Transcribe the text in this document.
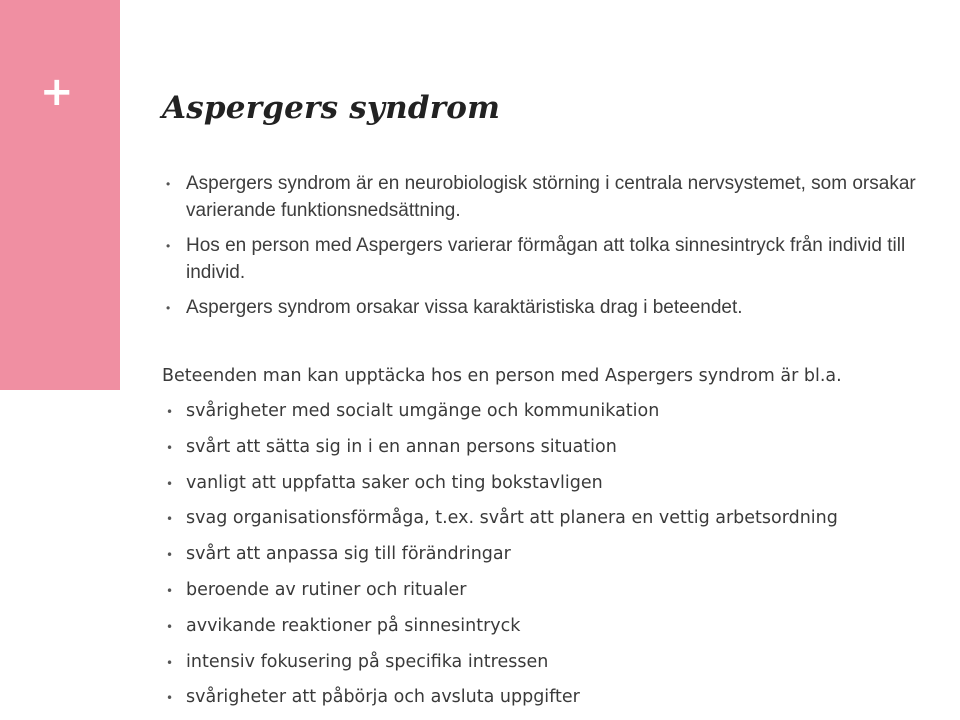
+	Aspergers syndrom
• Aspergers syndrom är en neurobiologisk störning i centrala nervsystemet, som orsakar varierande funktionsnedsättning.
• Hos en person med Aspergers varierar förmågan att tolka sinnesintryck från individ till individ.
• Aspergers syndrom orsakar vissa karaktäristiska drag i beteendet.

Beteenden man kan upptäcka hos en person med Aspergers syndrom är bl.a.

• svårigheter med socialt umgänge och kommunikation
• svårt att sätta sig in i en annan persons situation
• vanligt att uppfatta saker och ting bokstavligen
• svag organisationsförmåga, t.ex. svårt att planera en vettig arbetsordning
• svårt att anpassa sig till förändringar
• beroende av rutiner och ritualer
• avvikande reaktioner på sinnesintryck
• intensiv fokusering på specifika intressen
• svårigheter att påbörja och avsluta uppgifter
